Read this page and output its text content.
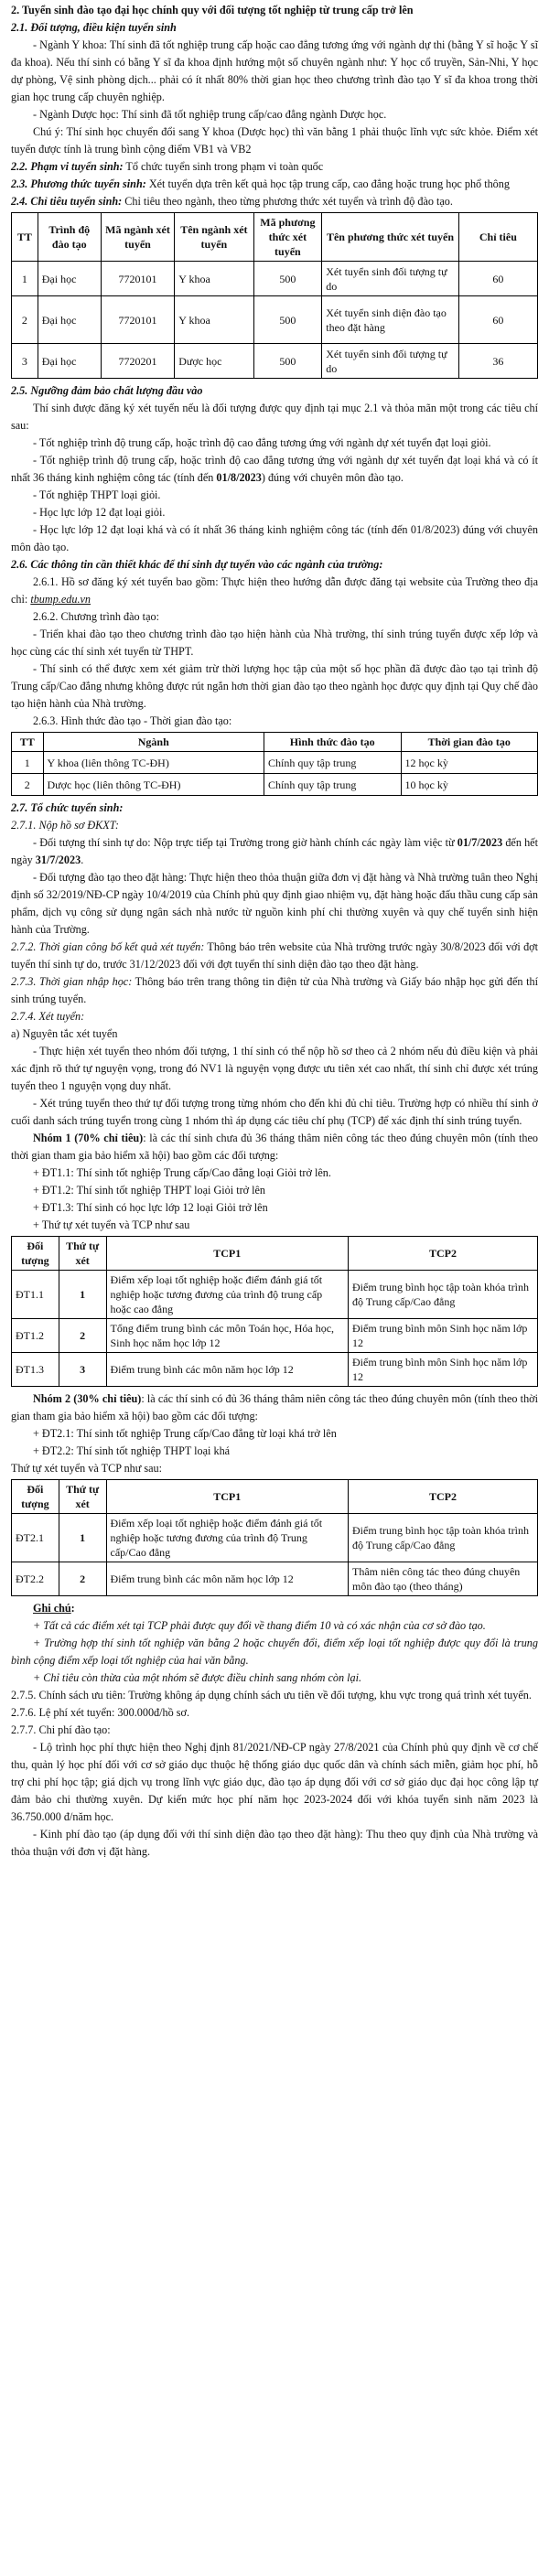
2. Tuyển sinh đào tạo đại học chính quy với đối tượng tốt nghiệp từ trung cấp trở lên

2.1. Đối tượng, điều kiện tuyển sinh

- Ngành Y khoa: Thí sinh đã tốt nghiệp trung cấp hoặc cao đẳng tương ứng với ngành dự thi (bằng Y sĩ hoặc Y sĩ đa khoa). Nếu thí sinh có bằng Y sĩ đa khoa định hướng một số chuyên ngành như: Y học cổ truyền, Sản-Nhi, Y học dự phòng, Vệ sinh phòng dịch... phải có ít nhất 80% thời gian học theo chương trình đào tạo Y sĩ đa khoa trong thời gian học trung cấp chuyên nghiệp.

- Ngành Dược học: Thí sinh đã tốt nghiệp trung cấp/cao đẳng ngành Dược học.

Chú ý: Thí sinh học chuyển đổi sang Y khoa (Dược học) thì văn bằng 1 phải thuộc lĩnh vực sức khỏe. Điểm xét tuyển được tính là trung bình cộng điểm VB1 và VB2

2.2. Phạm vi tuyển sinh: Tổ chức tuyển sinh trong phạm vi toàn quốc

2.3. Phương thức tuyển sinh: Xét tuyển dựa trên kết quả học tập trung cấp, cao đẳng hoặc trung học phổ thông

2.4. Chỉ tiêu tuyển sinh: Chỉ tiêu theo ngành, theo từng phương thức xét tuyển và trình độ đào tạo.

TT	Trình độ đào tạo	Mã ngành xét tuyển	Tên ngành xét tuyển	Mã phương thức xét tuyển	Tên phương thức xét tuyển	Chỉ tiêu
1	Đại học	7720101	Y khoa	500	Xét tuyển sinh đối tượng tự do	60
2	Đại học	7720101	Y khoa	500	Xét tuyển sinh diện đào tạo theo đặt hàng	60
3	Đại học	7720201	Dược học	500	Xét tuyển sinh đối tượng tự do	36

2.5. Ngưỡng đảm bảo chất lượng đầu vào

Thí sinh được đăng ký xét tuyển nếu là đối tượng được quy định tại mục 2.1 và thỏa mãn một trong các tiêu chí sau:

- Tốt nghiệp trình độ trung cấp, hoặc trình độ cao đẳng tương ứng với ngành dự xét tuyển đạt loại giỏi.

- Tốt nghiệp trình độ trung cấp, hoặc trình độ cao đẳng tương ứng với ngành dự xét tuyển đạt loại khá và có ít nhất 36 tháng kinh nghiệm công tác (tính đến 01/8/2023) đúng với chuyên môn đào tạo.

- Tốt nghiệp THPT loại giỏi.

- Học lực lớp 12 đạt loại giỏi.

- Học lực lớp 12 đạt loại khá và có ít nhất 36 tháng kinh nghiệm công tác (tính đến 01/8/2023) đúng với chuyên môn đào tạo.

2.6. Các thông tin cần thiết khác để thí sinh dự tuyển vào các ngành của trường:

2.6.1. Hồ sơ đăng ký xét tuyển bao gồm: Thực hiện theo hướng dẫn được đăng tại website của Trường theo địa chỉ: tbump.edu.vn

2.6.2. Chương trình đào tạo:

- Triển khai đào tạo theo chương trình đào tạo hiện hành của Nhà trường, thí sinh trúng tuyển được xếp lớp và học cùng các thí sinh xét tuyển từ THPT.

- Thí sinh có thể được xem xét giảm trừ thời lượng học tập của một số học phần đã được đào tạo tại trình độ Trung cấp/Cao đẳng nhưng không được rút ngắn hơn thời gian đào tạo theo ngành học được quy định tại Quy chế đào tạo hiện hành của Nhà trường.

2.6.3. Hình thức đào tạo - Thời gian đào tạo:

TT	Ngành	Hình thức đào tạo	Thời gian đào tạo
1	Y khoa (liên thông TC-ĐH)	Chính quy tập trung	12 học kỳ
2	Dược học (liên thông TC-ĐH)	Chính quy tập trung	10 học kỳ

2.7. Tổ chức tuyển sinh:

2.7.1. Nộp hồ sơ ĐKXT:

- Đối tượng thí sinh tự do: Nộp trực tiếp tại Trường trong giờ hành chính các ngày làm việc từ 01/7/2023 đến hết ngày 31/7/2023.

- Đối tượng đào tạo theo đặt hàng: Thực hiện theo thỏa thuận giữa đơn vị đặt hàng và Nhà trường tuân theo Nghị định số 32/2019/NĐ-CP ngày 10/4/2019 của Chính phủ quy định giao nhiệm vụ, đặt hàng hoặc đấu thầu cung cấp sản phẩm, dịch vụ công sử dụng ngân sách nhà nước từ nguồn kinh phí chi thường xuyên và quy chế tuyển sinh hiện hành của Trường.

2.7.2. Thời gian công bố kết quả xét tuyển: Thông báo trên website của Nhà trường trước ngày 30/8/2023 đối với đợt tuyển thí sinh tự do, trước 31/12/2023 đối với đợt tuyển thí sinh diện đào tạo theo đặt hàng.

2.7.3. Thời gian nhập học: Thông báo trên trang thông tin điện tử của Nhà trường và Giấy báo nhập học gửi đến thí sinh trúng tuyển.

2.7.4. Xét tuyển:

a) Nguyên tắc xét tuyển

- Thực hiện xét tuyển theo nhóm đối tượng, 1 thí sinh có thể nộp hồ sơ theo cả 2 nhóm nếu đủ điều kiện và phải xác định rõ thứ tự nguyện vọng, trong đó NV1 là nguyện vọng được ưu tiên xét cao nhất, thí sinh chỉ được xét trúng tuyển theo 1 nguyện vọng duy nhất.

- Xét trúng tuyển theo thứ tự đối tượng trong từng nhóm cho đến khi đủ chỉ tiêu. Trường hợp có nhiều thí sinh ở cuối danh sách trúng tuyển trong cùng 1 nhóm thì áp dụng các tiêu chí phụ (TCP) để xác định thí sinh trúng tuyển.

Nhóm 1 (70% chỉ tiêu): là các thí sinh chưa đủ 36 tháng thâm niên công tác theo đúng chuyên môn (tính theo thời gian tham gia bảo hiểm xã hội) bao gồm các đối tượng:

+ ĐT1.1: Thí sinh tốt nghiệp Trung cấp/Cao đẳng loại Giỏi trở lên.

+ ĐT1.2: Thí sinh tốt nghiệp THPT loại Giỏi trở lên

+ ĐT1.3: Thí sinh có học lực lớp 12 loại Giỏi trở lên

+ Thứ tự xét tuyển và TCP như sau

Đối tượng	Thứ tự xét	TCP1	TCP2
ĐT1.1	1	Điểm xếp loại tốt nghiệp hoặc điểm đánh giá tốt nghiệp hoặc tương đương của trình độ trung cấp hoặc cao đẳng	Điểm trung bình học tập toàn khóa trình độ Trung cấp/Cao đẳng
ĐT1.2	2	Tổng điểm trung bình các môn Toán học, Hóa học, Sinh học năm học lớp 12	Điểm trung bình môn Sinh học năm lớp 12
ĐT1.3	3	Điểm trung bình các môn năm học lớp 12	Điểm trung bình môn Sinh học năm lớp 12

Nhóm 2 (30% chỉ tiêu): là các thí sinh có đủ 36 tháng thâm niên công tác theo đúng chuyên môn (tính theo thời gian tham gia bảo hiểm xã hội) bao gồm các đối tượng:

+ ĐT2.1: Thí sinh tốt nghiệp Trung cấp/Cao đẳng từ loại khá trở lên

+ ĐT2.2: Thí sinh tốt nghiệp THPT loại khá

Thứ tự xét tuyển và TCP như sau:

Đối tượng	Thứ tự xét	TCP1	TCP2
ĐT2.1	1	Điểm xếp loại tốt nghiệp hoặc điểm đánh giá tốt nghiệp hoặc tương đương của trình độ Trung cấp/Cao đẳng	Điểm trung bình học tập toàn khóa trình độ Trung cấp/Cao đẳng
ĐT2.2	2	Điểm trung bình các môn năm học lớp 12	Thâm niên công tác theo đúng chuyên môn đào tạo (theo tháng)

Ghi chú:

+ Tất cả các điểm xét tại TCP phải được quy đổi về thang điểm 10 và có xác nhận của cơ sở đào tạo.

+ Trường hợp thí sinh tốt nghiệp văn bằng 2 hoặc chuyển đổi, điểm xếp loại tốt nghiệp được quy đổi là trung bình cộng điểm xếp loại tốt nghiệp của hai văn bằng.

+ Chỉ tiêu còn thừa của một nhóm sẽ được điều chỉnh sang nhóm còn lại.

2.7.5. Chính sách ưu tiên: Trường không áp dụng chính sách ưu tiên về đối tượng, khu vực trong quá trình xét tuyển.

2.7.6. Lệ phí xét tuyển: 300.000đ/hồ sơ.

2.7.7. Chi phí đào tạo:

- Lộ trình học phí thực hiện theo Nghị định 81/2021/NĐ-CP ngày 27/8/2021 của Chính phủ quy định về cơ chế thu, quản lý học phí đối với cơ sở giáo dục thuộc hệ thống giáo dục quốc dân và chính sách miễn, giảm học phí, hỗ trợ chi phí học tập; giá dịch vụ trong lĩnh vực giáo dục, đào tạo áp dụng đối với cơ sở giáo dục đại học công lập tự đảm bảo chi thường xuyên. Dự kiến mức học phí năm học 2023-2024 đối với khóa tuyển sinh năm 2023 là 36.750.000 đ/năm học.

- Kinh phí đào tạo (áp dụng đối với thí sinh diện đào tạo theo đặt hàng): Thu theo quy định của Nhà trường và thỏa thuận với đơn vị đặt hàng.
